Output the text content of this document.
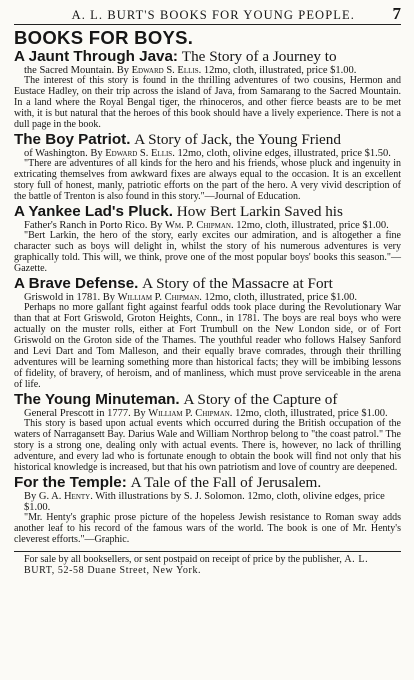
A. L. BURT'S BOOKS FOR YOUNG PEOPLE.	7
BOOKS FOR BOYS.
A Jaunt Through Java: The Story of a Journey to
the Sacred Mountain. By Edward S. Ellis. 12mo, cloth, illustrated, price $1.00.

The interest of this story is found in the thrilling adventures of two cousins, Hermon and Eustace Hadley, on their trip across the island of Java, from Samarang to the Sacred Mountain. In a land where the Royal Bengal tiger, the rhinoceros, and other fierce beasts are to be met with, it is but natural that the heroes of this book should have a lively experience. There is not a dull page in the book.

The Boy Patriot. A Story of Jack, the Young Friend
of Washington. By Edward S. Ellis. 12mo, cloth, olivine edges, illustrated, price $1.50.

"There are adventures of all kinds for the hero and his friends, whose pluck and ingenuity in extricating themselves from awkward fixes are always equal to the occasion. It is an excellent story full of honest, manly, patriotic efforts on the part of the hero. A very vivid description of the battle of Trenton is also found in this story."—Journal of Education.

A Yankee Lad's Pluck. How Bert Larkin Saved his
Father's Ranch in Porto Rico. By Wm. P. Chipman. 12mo, cloth, illustrated, price $1.00.

"Bert Larkin, the hero of the story, early excites our admiration, and is altogether a fine character such as boys will delight in, whilst the story of his numerous adventures is very graphically told. This will, we think, prove one of the most popular boys' books this season."—Gazette.

A Brave Defense. A Story of the Massacre at Fort
Griswold in 1781. By William P. Chipman. 12mo, cloth, illustrated, price $1.00.

Perhaps no more gallant fight against fearful odds took place during the Revolutionary War than that at Fort Griswold, Groton Heights, Conn., in 1781. The boys are real boys who were actually on the muster rolls, either at Fort Trumbull on the New London side, or of Fort Griswold on the Groton side of the Thames. The youthful reader who follows Halsey Sanford and Levi Dart and Tom Malleson, and their equally brave comrades, through their thrilling adventures will be learning something more than historical facts; they will be imbibing lessons of fidelity, of bravery, of heroism, and of manliness, which must prove serviceable in the arena of life.

The Young Minuteman. A Story of the Capture of
General Prescott in 1777. By William P. Chipman. 12mo, cloth, illustrated, price $1.00.

This story is based upon actual events which occurred during the British occupation of the waters of Narragansett Bay. Darius Wale and William Northrop belong to "the coast patrol." The story is a strong one, dealing only with actual events. There is, however, no lack of thrilling adventure, and every lad who is fortunate enough to obtain the book will find not only that his historical knowledge is increased, but that his own patriotism and love of country are deepened.

For the Temple: A Tale of the Fall of Jerusalem.
By G. A. Henty. With illustrations by S. J. Solomon. 12mo, cloth, olivine edges, price $1.00.

"Mr. Henty's graphic prose picture of the hopeless Jewish resistance to Roman sway adds another leaf to his record of the famous wars of the world. The book is one of Mr. Henty's cleverest efforts."—Graphic.

For sale by all booksellers, or sent postpaid on receipt of price by the publisher, A. L. BURT, 52-58 Duane Street, New York.
